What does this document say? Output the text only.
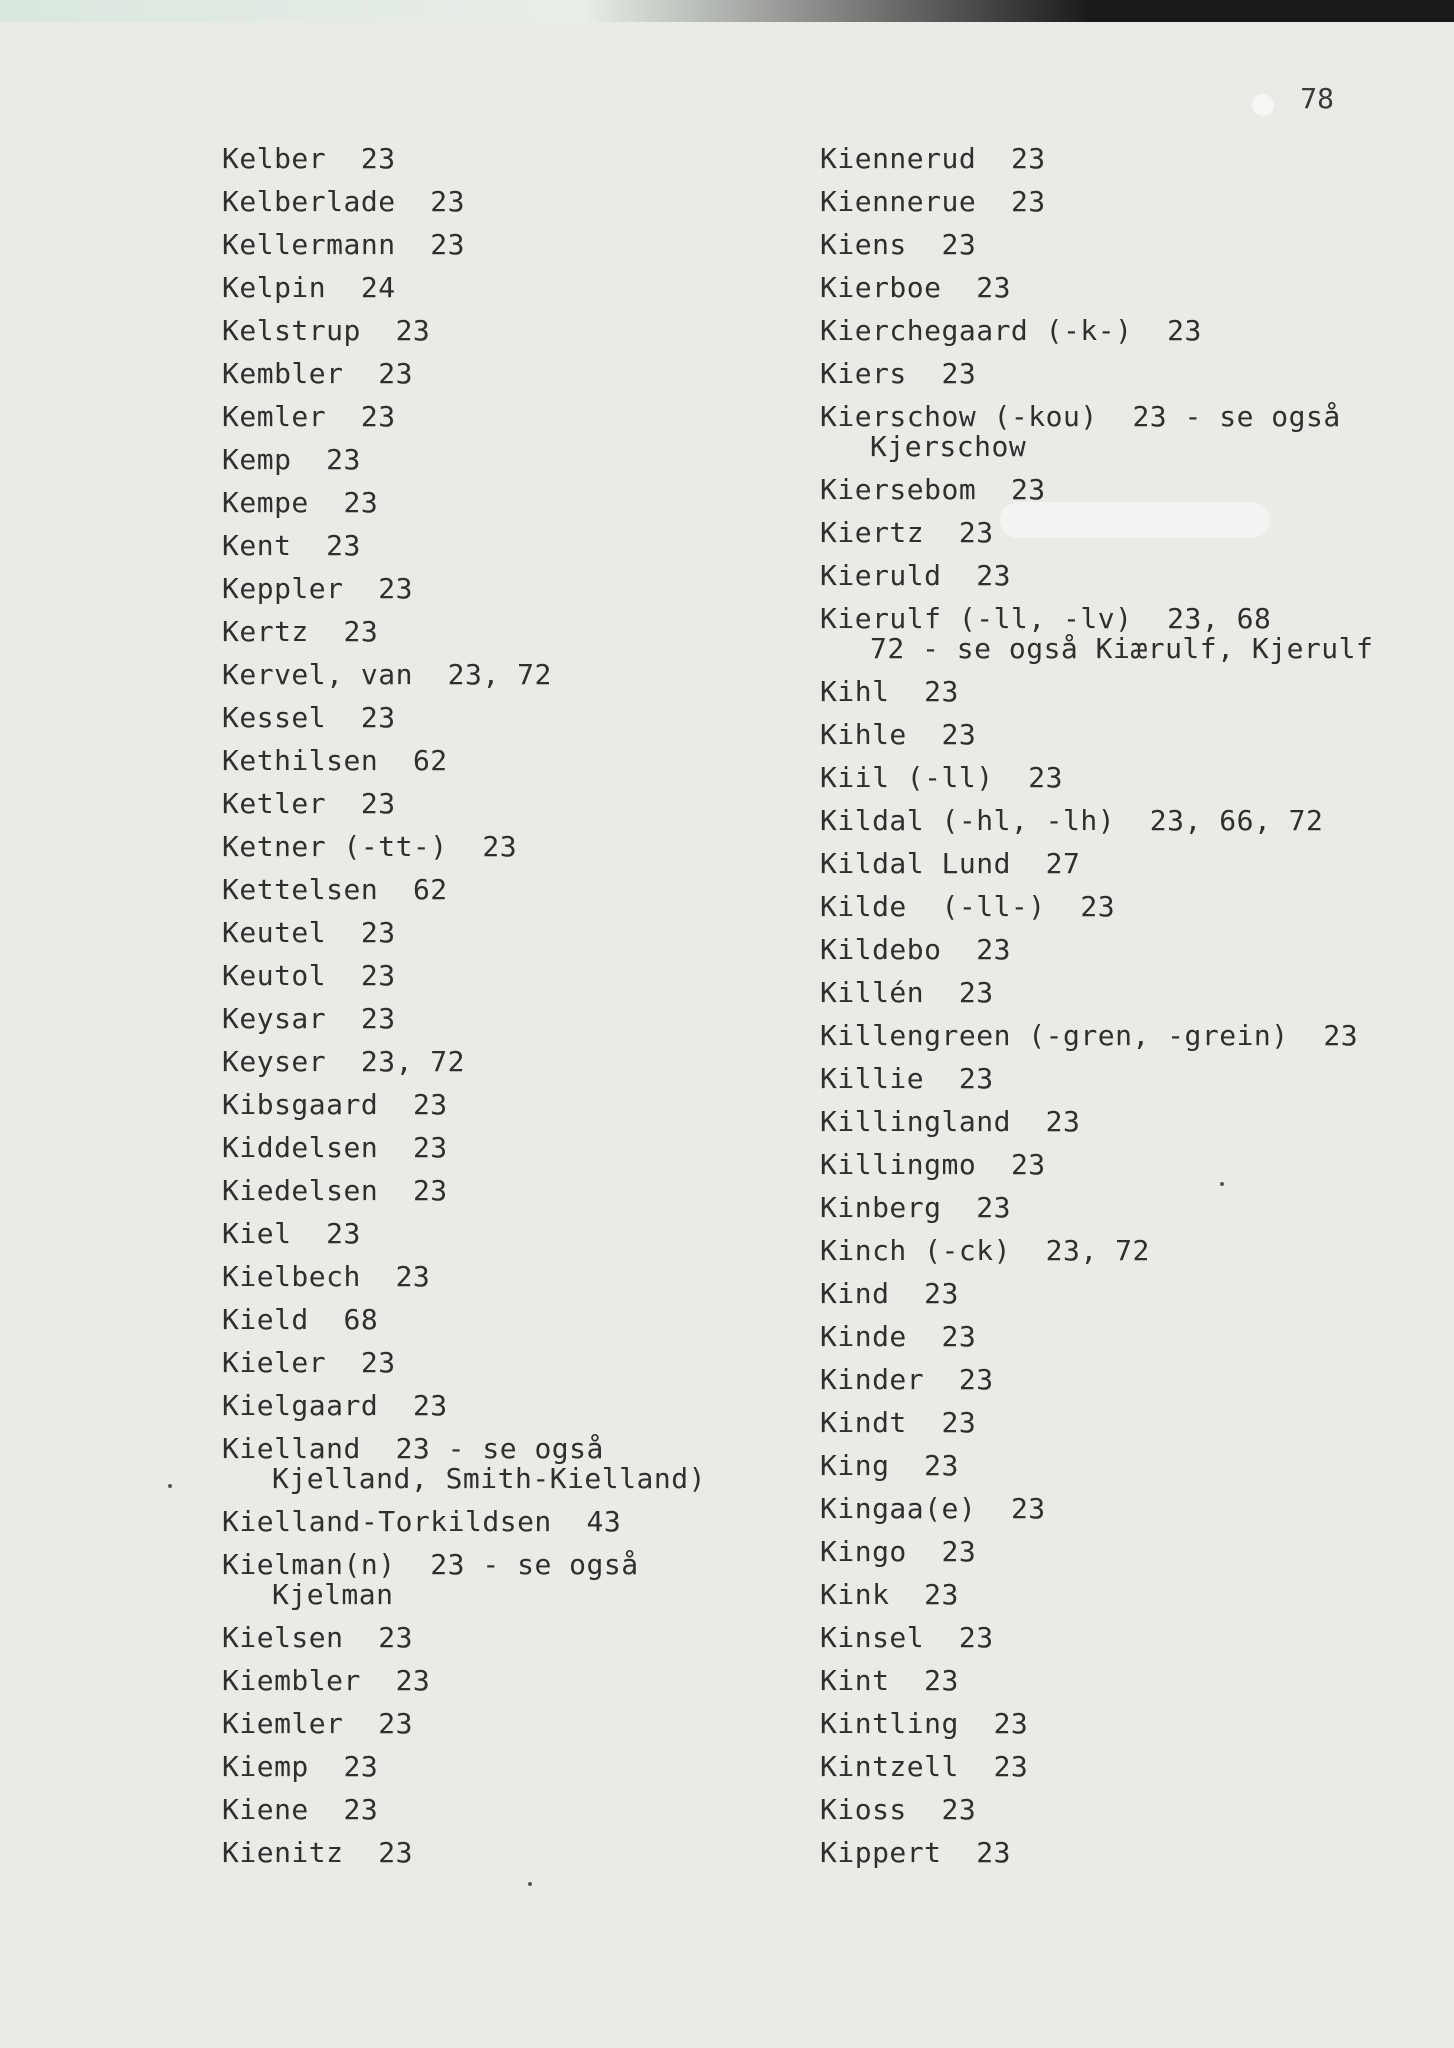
78
Kelber 23
Kelberlade 23
Kellermann 23
Kelpin 24
Kelstrup 23
Kembler 23
Kemler 23
Kemp 23
Kempe 23
Kent 23
Keppler 23
Kertz 23
Kervel, van 23, 72
Kessel 23
Kethilsen 62
Ketler 23
Ketner (-tt-) 23
Kettelsen 62
Keutel 23
Keutol 23
Keysar 23
Keyser 23, 72
Kibsgaard 23
Kiddelsen 23
Kiedelsen 23
Kiel 23
Kielbech 23
Kield 68
Kieler 23
Kielgaard 23
Kielland 23 - se også
Kjelland, Smith-Kielland)
Kielland-Torkildsen 43
Kielman(n) 23 - se også
Kjelman
Kielsen 23
Kiembler 23
Kiemler 23
Kiemp 23
Kiene 23
Kienitz 23
Kiennerud 23
Kiennerue 23
Kiens 23
Kierboe 23
Kierchegaard (-k-) 23
Kiers 23
Kierschow (-kou) 23 - se også
Kjerschow
Kiersebom 23
Kiertz 23
Kieruld 23
Kierulf (-ll, -lv) 23, 68
72 - se også Kiærulf, Kjerulf
Kihl 23
Kihle 23
Kiil (-ll) 23
Kildal (-hl, -lh) 23, 66, 72
Kildal Lund 27
Kilde  (-ll-) 23
Kildebo 23
Killén 23
Killengreen (-gren, -grein) 23
Killie 23
Killingland 23
Killingmo 23
Kinberg 23
Kinch (-ck) 23, 72
Kind 23
Kinde 23
Kinder 23
Kindt 23
King 23
Kingaa(e) 23
Kingo 23
Kink 23
Kinsel 23
Kint 23
Kintling 23
Kintzell 23
Kioss 23
Kippert 23
